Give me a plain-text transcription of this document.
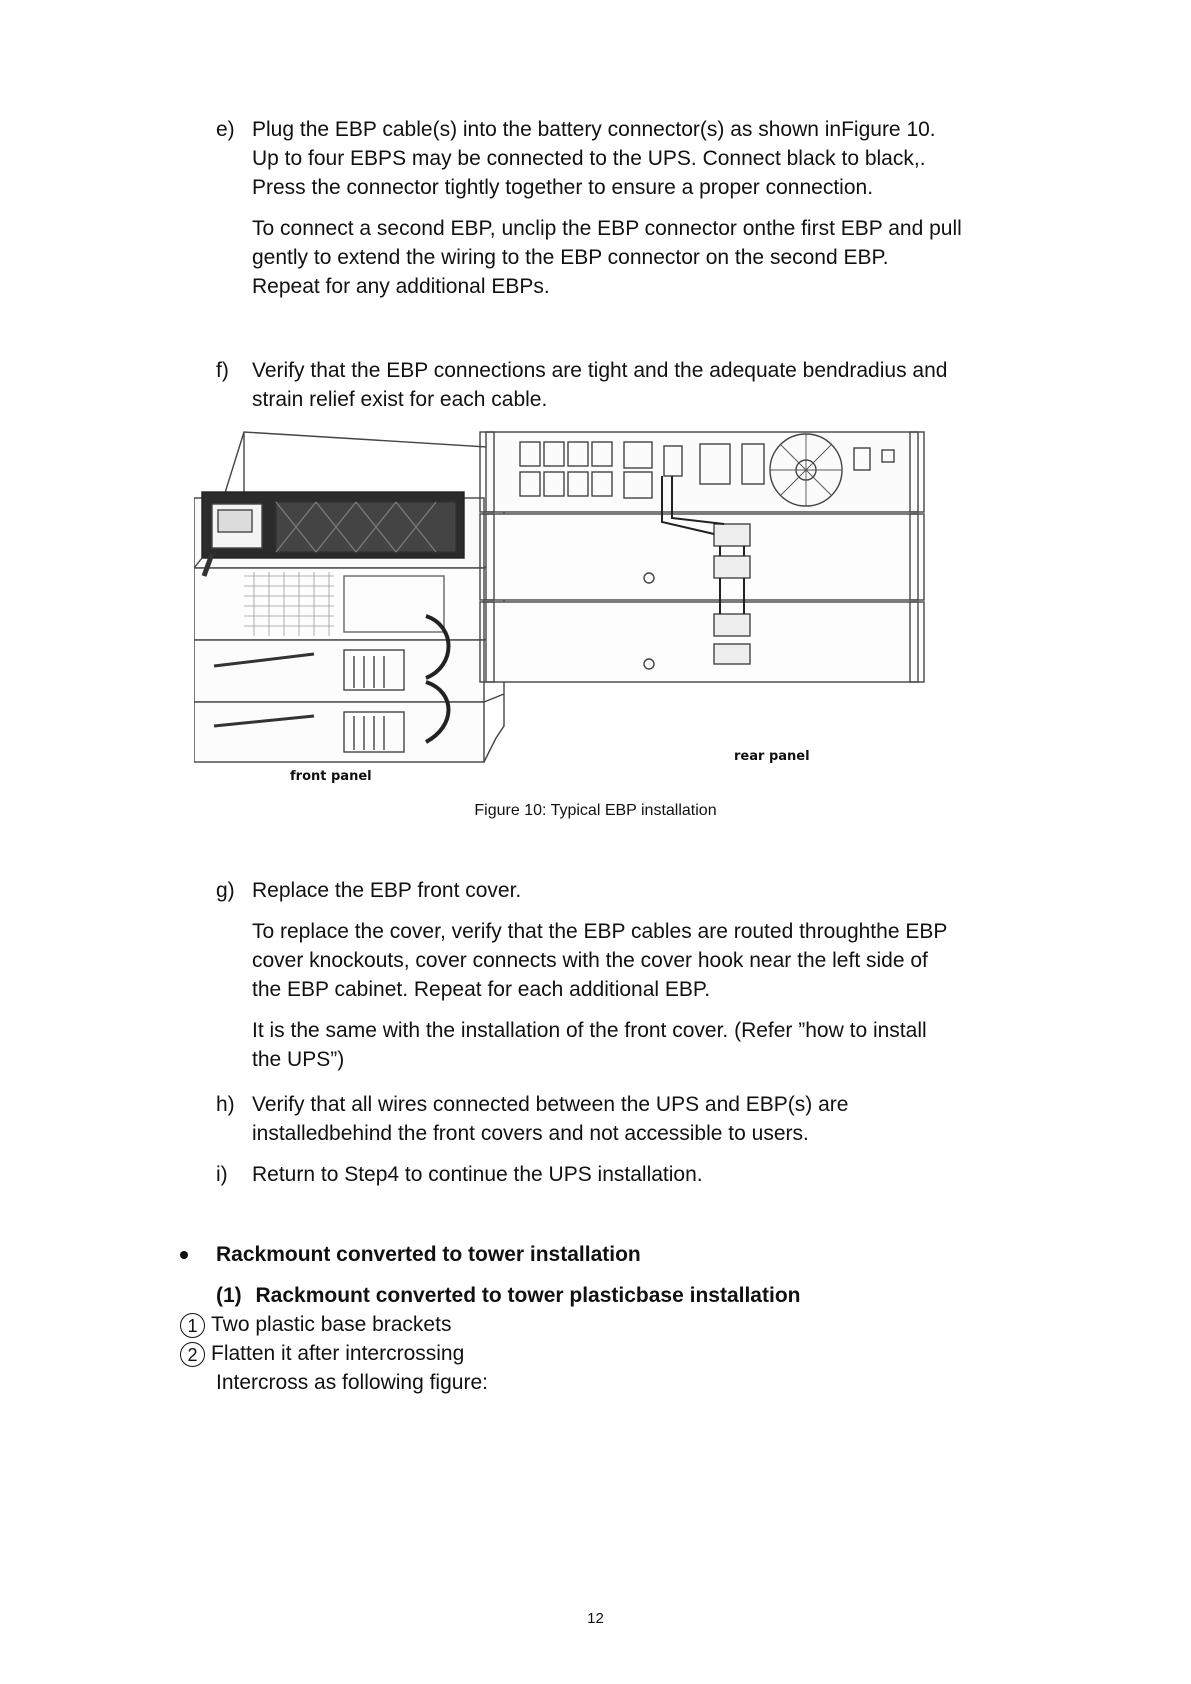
e) Plug the EBP cable(s) into the battery connector(s) as shown inFigure 10.
Up to four EBPS may be connected to the UPS. Connect black to black,.
Press the connector tightly together to ensure a proper connection.
To connect a second EBP, unclip the EBP connector onthe first EBP and pull
gently to extend the wiring to the EBP connector on the second EBP.
Repeat for any additional EBPs.
f)	Verify that the EBP connections are tight and the adequate bendradius and
strain relief exist for each cable.
front panel
rear panel
Figure 10: Typical EBP installation
g) Replace the EBP front cover.
To replace the cover, verify that the EBP cables are routed throughthe EBP
cover knockouts, cover connects with the cover hook near the left side of
the EBP cabinet. Repeat for each additional EBP.
It is the same with the installation of the front cover. (Refer ”how to install
the UPS”)
h) Verify that all wires connected between the UPS and EBP(s) are
installedbehind the front covers and not accessible to users.
i)	Return to Step4 to continue the UPS installation.
Rackmount converted to tower installation
(1) Rackmount converted to tower plasticbase installation
1 Two plastic base brackets
2 Flatten it after intercrossing
Intercross as following figure:
12
